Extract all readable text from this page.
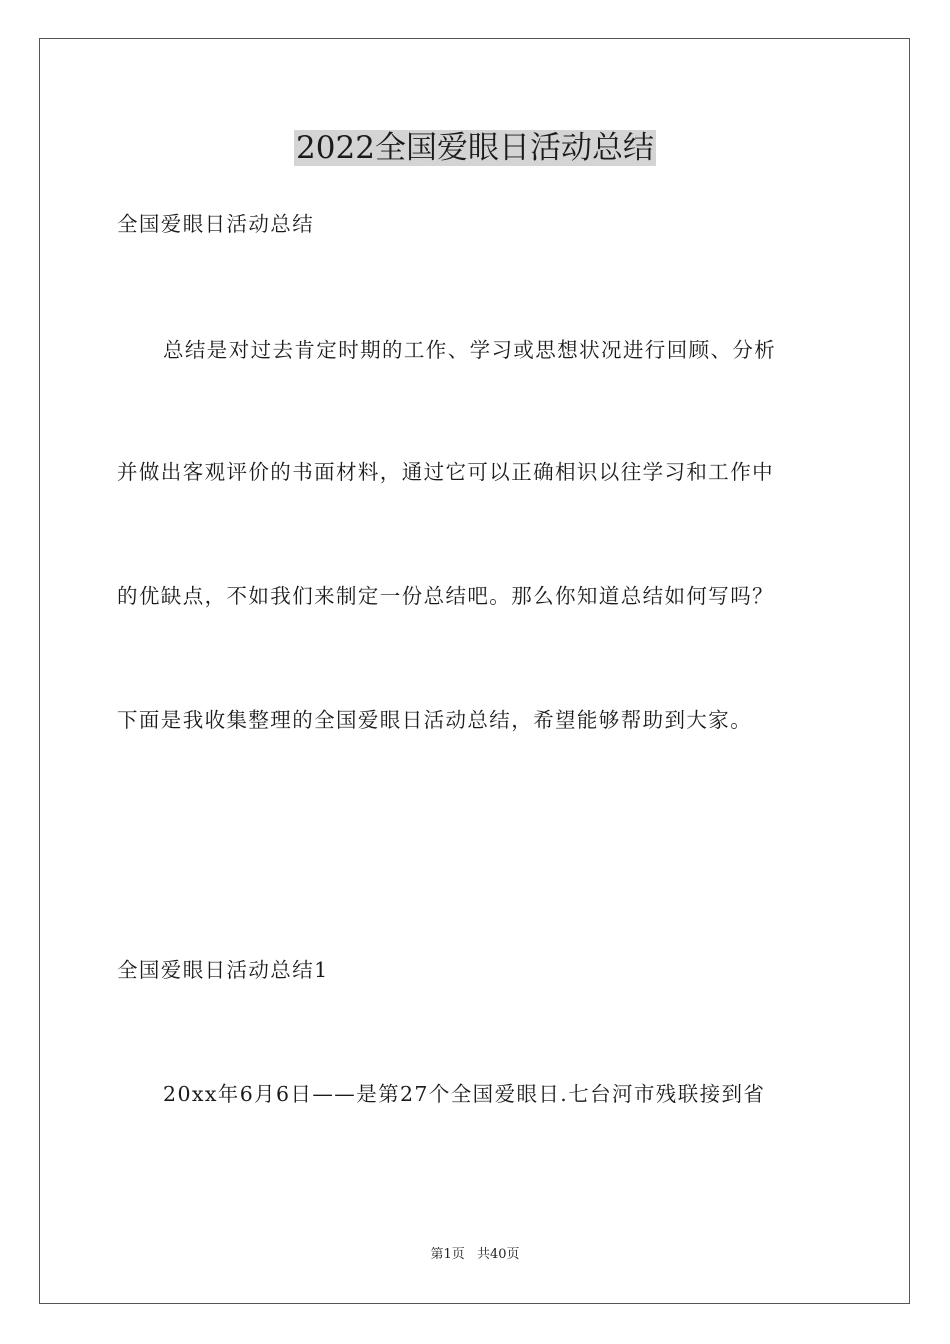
2022全国爱眼日活动总结
全国爱眼日活动总结
总结是对过去肯定时期的工作、学习或思想状况进行回顾、分析
并做出客观评价的书面材料，通过它可以正确相识以往学习和工作中
的优缺点，不如我们来制定一份总结吧。那么你知道总结如何写吗？
下面是我收集整理的全国爱眼日活动总结，希望能够帮助到大家。
全国爱眼日活动总结1
20xx年6月6日——是第27个全国爱眼日.七台河市残联接到省
第1页 共40页
